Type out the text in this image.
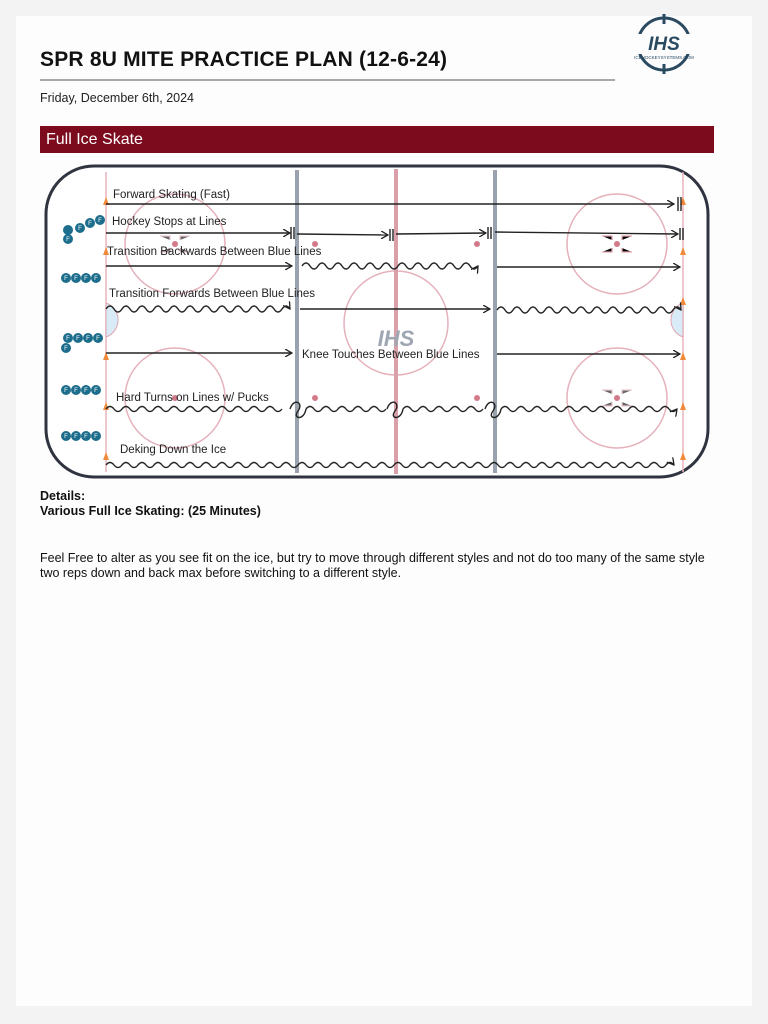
SPR 8U MITE PRACTICE PLAN (12-6-24)
IHS
ICEHOCKEYSYSTEMS.COM
Friday, December 6th, 2024
Full Ice Skate
IHS
F
F
F
F
F F F F
F F F F
F
F F F F
F F F F
Forward Skating (Fast)
Hockey Stops at Lines
Transition Backwards Between Blue Lines
Transition Forwards Between Blue Lines
Knee Touches Between Blue Lines
Hard Turns on Lines w/ Pucks
Deking Down the Ice
Details:
Various Full Ice Skating: (25 Minutes)
Feel Free to alter as you see fit on the ice, but try to move through different styles and not do too many of the same style two reps down and back max before switching to a different style.
